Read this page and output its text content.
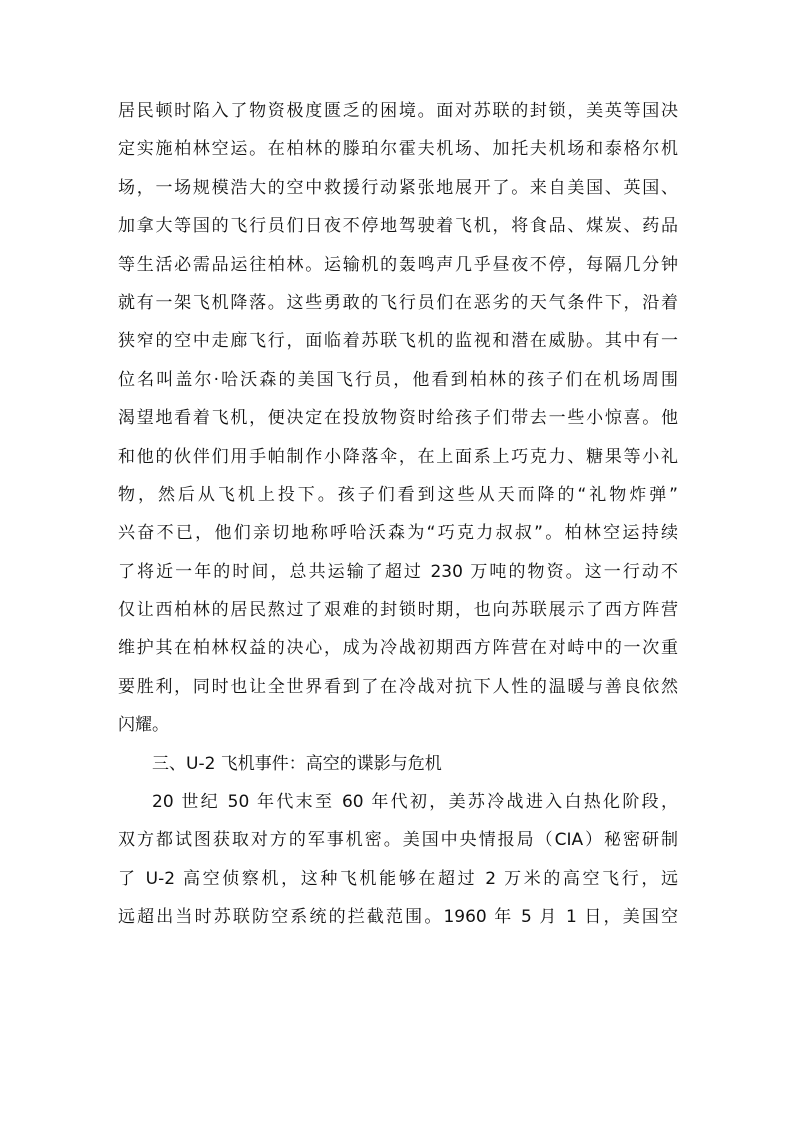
居民顿时陷入了物资极度匮乏的困境。面对苏联的封锁，美英等国决
定实施柏林空运。在柏林的滕珀尔霍夫机场、加托夫机场和泰格尔机
场，一场规模浩大的空中救援行动紧张地展开了。来自美国、英国、
加拿大等国的飞行员们日夜不停地驾驶着飞机，将食品、煤炭、药品
等生活必需品运往柏林。运输机的轰鸣声几乎昼夜不停，每隔几分钟
就有一架飞机降落。这些勇敢的飞行员们在恶劣的天气条件下，沿着
狭窄的空中走廊飞行，面临着苏联飞机的监视和潜在威胁。其中有一
位名叫盖尔·哈沃森的美国飞行员，他看到柏林的孩子们在机场周围
渴望地看着飞机，便决定在投放物资时给孩子们带去一些小惊喜。他
和他的伙伴们用手帕制作小降落伞，在上面系上巧克力、糖果等小礼
物，然后从飞机上投下。孩子们看到这些从天而降的“礼物炸弹”
兴奋不已，他们亲切地称呼哈沃森为“巧克力叔叔”。柏林空运持续
了将近一年的时间，总共运输了超过 230 万吨的物资。这一行动不
仅让西柏林的居民熬过了艰难的封锁时期，也向苏联展示了西方阵营
维护其在柏林权益的决心，成为冷战初期西方阵营在对峙中的一次重
要胜利，同时也让全世界看到了在冷战对抗下人性的温暖与善良依然
闪耀。
三、U-2 飞机事件：高空的谍影与危机
20 世纪 50 年代末至 60 年代初，美苏冷战进入白热化阶段，
双方都试图获取对方的军事机密。美国中央情报局（CIA）秘密研制
了 U-2 高空侦察机，这种飞机能够在超过 2 万米的高空飞行，远
远超出当时苏联防空系统的拦截范围。1960 年 5 月 1 日，美国空
